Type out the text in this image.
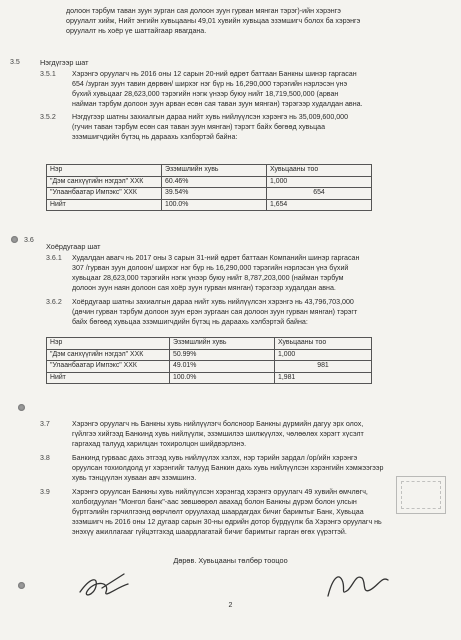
долоон тэрбум таван зуун зурган сая долоон зуун гурван мянган тэрэг)-ийн хэрэнгэ
оруулалт хийж, Нийт энгийн хувьцааны 49,01 хувийн хувьцаа эзэмшигч болох ба хэрэнгэ
оруулалт нь хоёр үе шаттайгаар явагдана.
3.5	Нэгдүгээр шат
3.5.1 Хэрэнгэ оруулагч нь 2016 оны 12 сарын 20-ний өдрөт баттаан Банкны шинэр гаргасан
654 /зурган зуун тавин дөрвөн/ ширхэг нэг бүр нь 16,290,000 тэрэгийн нэрлэсэн үнэ
бүхий хувьцааг 28,623,000 тэрэгийн нэгж үнээр буюу нийт 18,719,500,000 (арван
найман тэрбум долоон зуун арван есөн сая таван зуун мянган) тэрэгээр худалдан авна.
3.5.2 Нэгдүгээр шатны захиалгын дараа нийт хувь нийлүүлсэн хэрэнгэ нь 35,009,600,000
(гучин таван тэрбум есөн сая таван зуун мянган) тэрэгт байх бөгөөд хувьцаа
эзэмшигчдийн бүтэц нь дараахь хэлбэртэй байна:
Нэр	Эзэмшлийн хувь	Хувьцааны тоо
"Дэм санхүүгийн нэгдэл" ХХК	60.46%	1,000
"Улаанбаатар Импэкс" ХХК	39.54%	654
Нийт	100.0%	1,654
3.6
Хоёрдугаар шат
3.6.1 Худалдан авагч нь 2017 оны 3 сарын 31-ний өдрөт баттаан Компанийн шинэр гаргасан
307 /гурван зуун долоон/ ширхэг нэг бүр нь 16,290,000 тэрэгийн нэрлэсэн үнэ бүхий
хувьцааг 28,623,000 тэрэгийн нэгж үнээр буюу нийт 8,787,203,000 (найман тэрбум
долоон зуун наян долоон сая хоёр зуун гурван мянган) тэрэгээр худалдан авна.
3.6.2 Хоёрдугаар шатны захиалгын дараа нийт хувь нийлүүлсэн хэрэнгэ нь 43,796,703,000
(дөчин гурван тэрбум долоон зуун ерэн зургаан сая долоон зуун гурван мянган) тэрэгт
байх бөгөөд хувьцаа эзэмшигчдийн бүтэц нь дараахь хэлбэртэй байна:
Нэр	Эзэмшлийн хувь	Хувьцааны тоо
"Дэм санхүүгийн нэгдэл" ХХК	50.99%	1,000
"Улаанбаатар Импэкс" ХХК	49.01%	981
Нийт	100.0%	1,981
3.7	Хэрэнгэ оруулагч нь Банкны хувь нийлүүлэгч болсноор Банкны дүрмийн дагуу эрх олох,
гүйлгээ хийгээд Банкинд хувь нийлүүлж, эзэмшилээ шилжүүлэх, чөлөөлөх хэрэгт хүсэлт
гаргахад талууд харилцан тохиролцон шийдвэрлэнэ.
3.8	Банкинд гурваас дахь этгээд хувь нийлүүлэх хэлэх, нэр тэрийн зардал /ор/ийн хэрэнгэ
оруулсан тохиолдолд уг хэрэнгийг талууд Банкин дахь хувь нийлүүлсэн хэрэнгийн хэмжээгээр
хувь тэнцүүлэн хуваан авч эзэмшинэ.
3.9	Хэрэнгэ оруулсан Банкны хувь нийлүүлсэн хэрэнгэд хэрэнгэ оруулагч 49 хувийн өмчлөгч,
холбогдуулан "Монгол банк"-аас зөвшөөрөл авахад болон Банкны дүрэм болон улсын
бүртгэлийн гэрчилгээнд өөрчлөлт оруулахад шаардагдах бичиг баримтыг Банк, Хувьцаа
эзэмшигч нь 2016 оны 12 дугаар сарын 30-ны өдрийн дотор бүрдүүлж ба Хэрэнгэ оруулагч нь
энэхүү ажиллагааг гүйцэтгэхэд шаардлагатай бичиг баримтыг гарган өгөх үүрэгтэй.
Дөрөв. Хувьцааны төлбөр тооцоо
2
